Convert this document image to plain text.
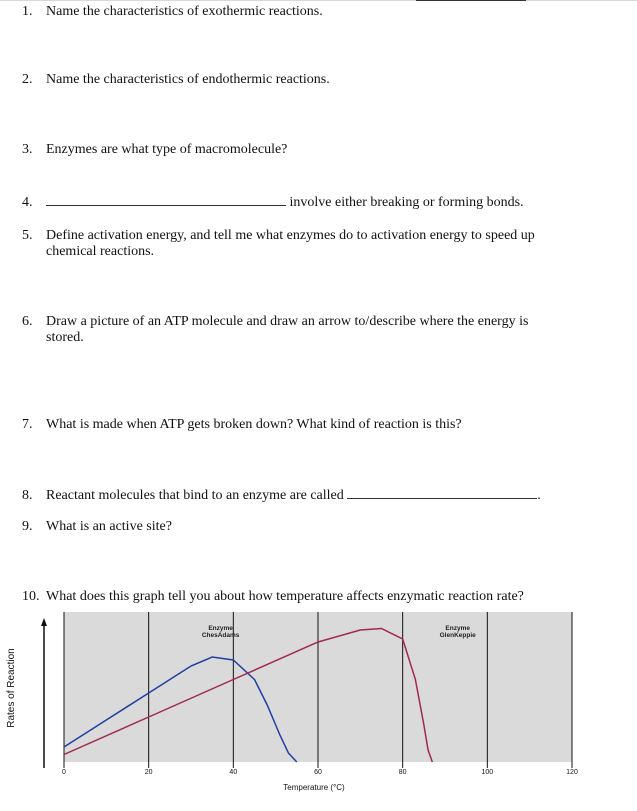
1. Name the characteristics of exothermic reactions.
2. Name the characteristics of endothermic reactions.
3. Enzymes are what type of macromolecule?
4.	involve either breaking or forming bonds.
5. Define activation energy, and tell me what enzymes do to activation energy to speed up
chemical reactions.
6. Draw a picture of an ATP molecule and draw an arrow to/describe where the energy is
stored.
7. What is made when ATP gets broken down? What kind of reaction is this?
8. Reactant molecules that bind to an enzyme are called	.
9. What is an active site?
10. What does this graph tell you about how temperature affects enzymatic reaction rate?
0	20	40	60	80	100	120
Enzyme
ChesAdams
Enzyme
GlenKeppie
Rates of Reaction
Temperature (°C)
